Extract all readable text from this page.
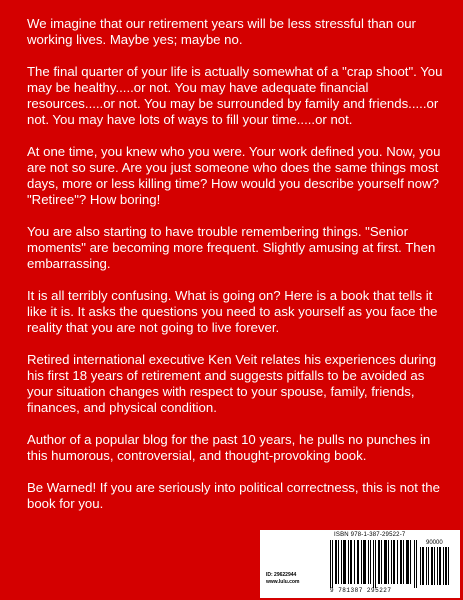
We imagine that our retirement years will be less stressful than our working lives. Maybe yes; maybe no.

The final quarter of your life is actually somewhat of a "crap shoot". You may be healthy.....or not. You may have adequate financial resources.....or not. You may be surrounded by family and friends.....or not. You may have lots of ways to fill your time.....or not.

At one time, you knew who you were. Your work defined you. Now, you are not so sure. Are you just someone who does the same things most days, more or less killing time? How would you describe yourself now? "Retiree"? How boring!

You are also starting to have trouble remembering things. "Senior moments" are becoming more frequent. Slightly amusing at first. Then embarrassing.

It is all terribly confusing. What is going on? Here is a book that tells it like it is. It asks the questions you need to ask yourself as you face the reality that you are not going to live forever.

Retired international executive Ken Veit relates his experiences during his first 18 years of retirement and suggests pitfalls to be avoided as your situation changes with respect to your spouse, family, friends, finances, and physical condition.

Author of a popular blog for the past 10 years, he pulls no punches in this humorous, controversial, and thought-provoking book.

Be Warned! If you are seriously into political correctness, this is not the book for you.

ISBN 978-1-387-29522-7
90000
ID: 29622944
www.lulu.com
9 781387 295227
